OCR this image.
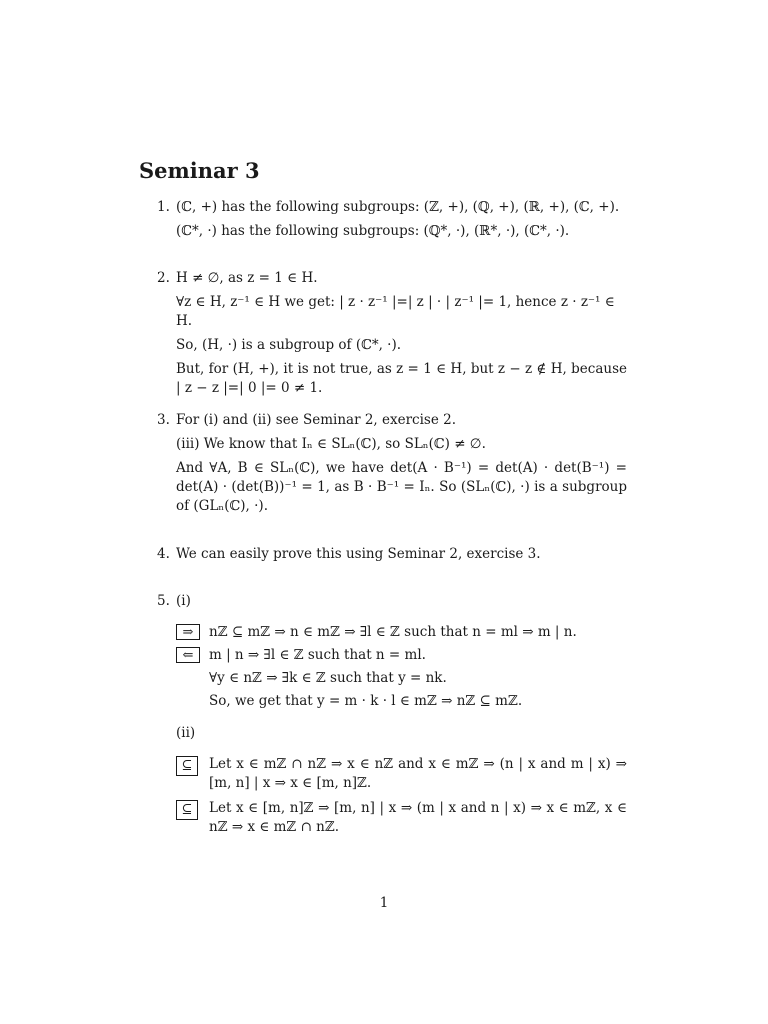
Seminar 3
1. (ℂ, +) has the following subgroups: (ℤ, +), (ℚ, +), (ℝ, +), (ℂ, +).
(ℂ*, ·) has the following subgroups: (ℚ*, ·), (ℝ*, ·), (ℂ*, ·).
2. H ≠ ∅, as z = 1 ∈ H.
∀z ∈ H, z⁻¹ ∈ H we get: | z · z⁻¹ |=| z | · | z⁻¹ |= 1, hence z · z⁻¹ ∈ H.
So, (H, ·) is a subgroup of (ℂ*, ·).
But, for (H, +), it is not true, as z = 1 ∈ H, but z − z ∉ H, because | z − z |=| 0 |= 0 ≠ 1.
3. For (i) and (ii) see Seminar 2, exercise 2.
(iii) We know that Iₙ ∈ SLₙ(ℂ), so SLₙ(ℂ) ≠ ∅.
And ∀A, B ∈ SLₙ(ℂ), we have det(A · B⁻¹) = det(A) · det(B⁻¹) = det(A) · (det(B))⁻¹ = 1, as B · B⁻¹ = Iₙ. So (SLₙ(ℂ), ·) is a subgroup of (GLₙ(ℂ), ·).
4. We can easily prove this using Seminar 2, exercise 3.
5. (i)
⇒	nℤ ⊆ mℤ ⇒ n ∈ mℤ ⇒ ∃l ∈ ℤ such that n = ml ⇒ m | n.
⇐	m | n ⇒ ∃l ∈ ℤ such that n = ml.
∀y ∈ nℤ ⇒ ∃k ∈ ℤ such that y = nk.
So, we get that y = m · k · l ∈ mℤ ⇒ nℤ ⊆ mℤ.
(ii)
⊆	Let x ∈ mℤ ∩ nℤ ⇒ x ∈ nℤ and x ∈ mℤ ⇒ (n | x and m | x) ⇒ [m, n] | x ⇒ x ∈ [m, n]ℤ.
⊆	Let x ∈ [m, n]ℤ ⇒ [m, n] | x ⇒ (m | x and n | x) ⇒ x ∈ mℤ, x ∈ nℤ ⇒ x ∈ mℤ ∩ nℤ.
1
